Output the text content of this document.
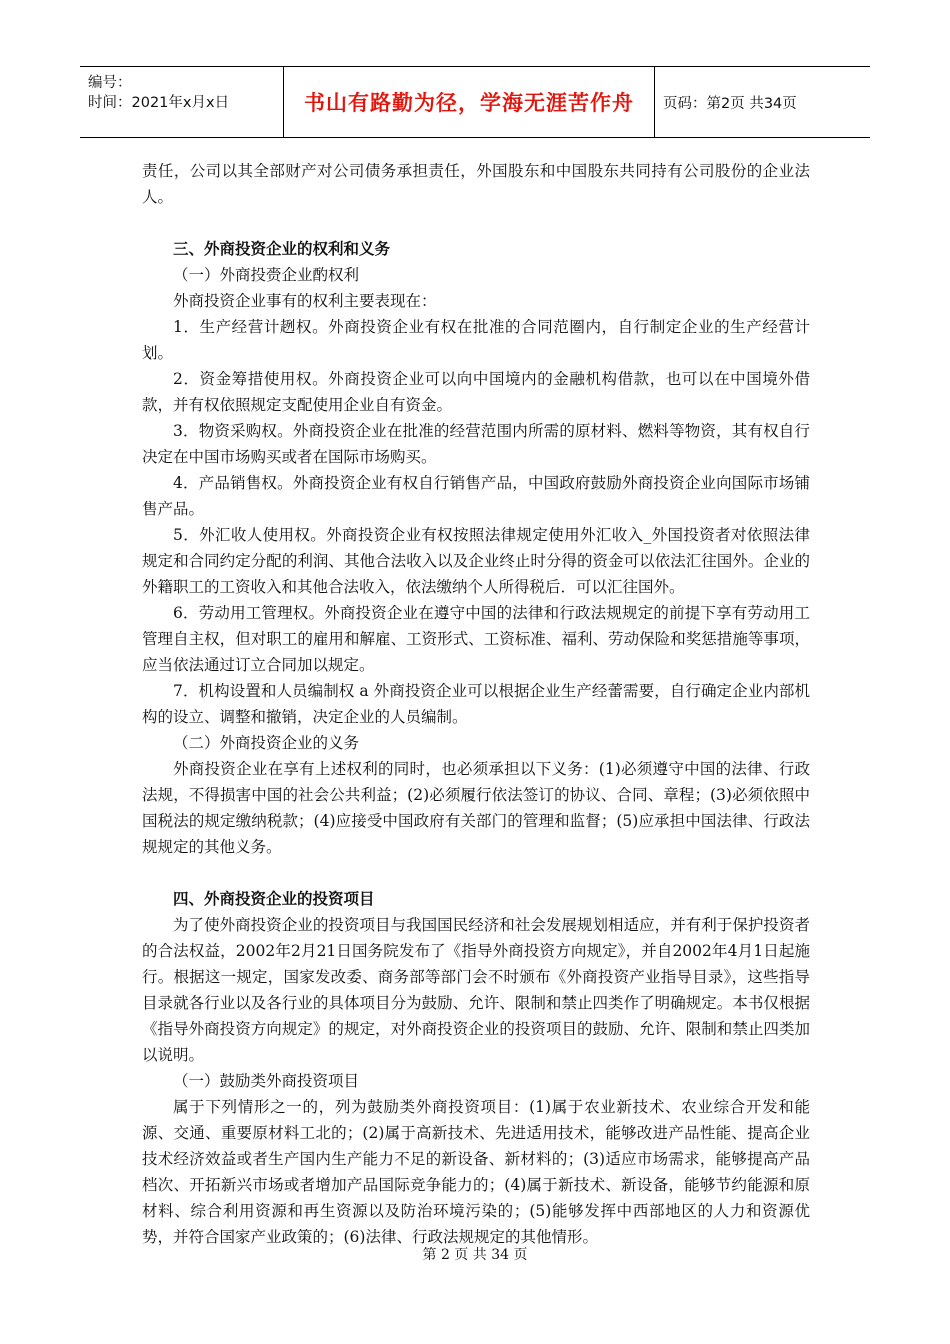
编号：
时间：2021年x月x日	书山有路勤为径，学海无涯苦作舟	页码：第2页 共34页

责任，公司以其全部财产对公司债务承担责任，外国股东和中国股东共同持有公司股份的企业法人。

三、外商投资企业的权利和义务

（一）外商投赍企业酌权利

外商投资企业事有的权利主要表现在：

1．生产经营计趔权。外商投资企业有权在批准的合同范圈内，自行制定企业的生产经营计划。

2．资金筹措使用权。外商投资企业可以向中国境内的金融机构借款，也可以在中国境外借款，并有权依照规定支配使用企业自有资金。

3．物资采购权。外商投资企业在批准的经营范围内所需的原材料、燃料等物资，其有权自行决定在中国市场购买或者在国际市场购买。

4．产品销售权。外商投资企业有权自行销售产品，中国政府鼓励外商投资企业向国际市场铺售产品。

5．外汇收人使用权。外商投资企业有权按照法律规定使用外汇收入_外国投资者对依照法律规定和合同约定分配的利润、其他合法收入以及企业终止时分得的资金可以依法汇往国外。企业的外籍职工的工资收入和其他合法收入，依法缴纳个人所得税后．可以汇往国外。

6．劳动用工管理权。外商投资企业在遵守中国的法律和行政法规规定的前提下享有劳动用工管理自主权，但对职工的雇用和解雇、工资形式、工资标准、福利、劳动保险和奖惩措施等事项，应当依法通过订立合同加以规定。

7．机构设置和人员编制权 a 外商投资企业可以根据企业生产经蕾需要，自行确定企业内部机构的设立、调整和撤销，决定企业的人员编制。

（二）外商投资企业的义务

外商投资企业在享有上述权利的同时，也必须承担以下义务：(1)必须遵守中国的法律、行政法规，不得损害中国的社会公共利益；(2)必须履行依法签订的协议、合同、章程；(3)必须依照中国税法的规定缴纳税款；(4)应接受中国政府有关部门的管理和监督；(5)应承担中国法律、行政法规规定的其他义务。

四、外商投资企业的投资项目

为了使外商投资企业的投资项目与我国国民经济和社会发展规划相适应，并有利于保护投资者的合法权益，2002年2月21日国务院发布了《指导外商投资方向规定》，并自2002年4月1日起施行。根据这一规定，国家发改委、商务部等部门会不时颁布《外商投资产业指导目录》，这些指导目录就各行业以及各行业的具体项目分为鼓励、允许、限制和禁止四类作了明确规定。本书仅根据《指导外商投资方向规定》的规定，对外商投资企业的投资项目的鼓励、允许、限制和禁止四类加以说明。

（一）鼓励类外商投资项目

属于下列情形之一的，列为鼓励类外商投资项目：(1)属于农业新技术、农业综合开发和能源、交通、重要原材料工北的；(2)属于高新技术、先进适用技术，能够改进产品性能、提高企业技术经济效益或者生产国内生产能力不足的新设备、新材料的；(3)适应市场需求，能够提高产品档次、开拓新兴市场或者增加产品国际竞争能力的；(4)属于新技术、新设备，能够节约能源和原材料、综合利用资源和再生资源以及防治环境污染的；(5)能够发挥中西部地区的人力和资源优势，并符合国家产业政策的；(6)法律、行政法规规定的其他情形。

第 2 页 共 34 页
